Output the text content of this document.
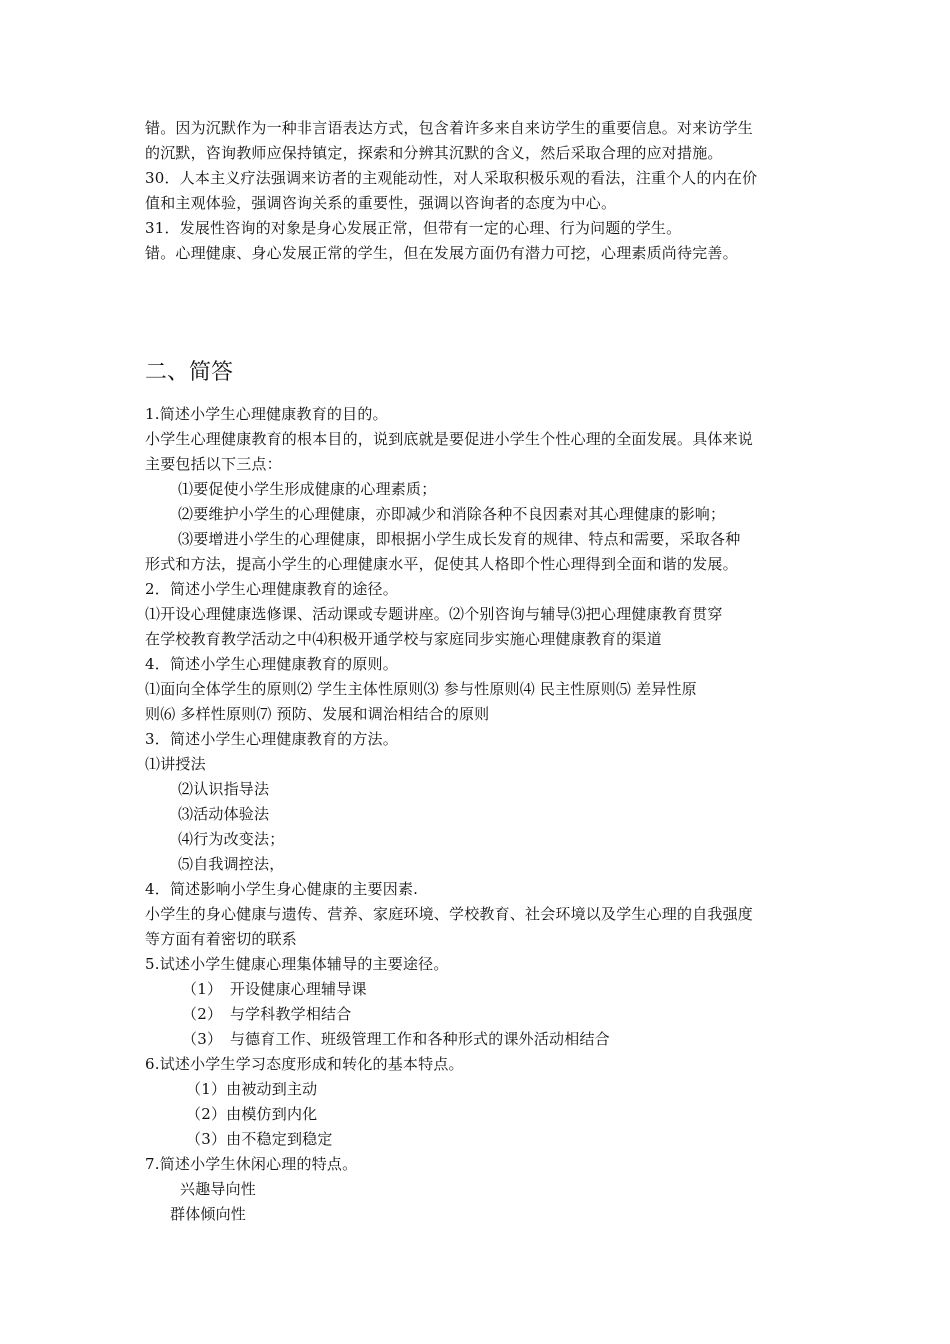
错。因为沉默作为一种非言语表达方式，包含着许多来自来访学生的重要信息。对来访学生
的沉默，咨询教师应保持镇定，探索和分辨其沉默的含义，然后采取合理的应对措施。
30．人本主义疗法强调来访者的主观能动性，对人采取积极乐观的看法，注重个人的内在价
值和主观体验，强调咨询关系的重要性，强调以咨询者的态度为中心。
31．发展性咨询的对象是身心发展正常，但带有一定的心理、行为问题的学生。
错。心理健康、身心发展正常的学生，但在发展方面仍有潜力可挖，心理素质尚待完善。
二、简答
1.简述小学生心理健康教育的目的。
小学生心理健康教育的根本目的，说到底就是要促进小学生个性心理的全面发展。具体来说
主要包括以下三点：
⑴要促使小学生形成健康的心理素质；
⑵要维护小学生的心理健康，亦即减少和消除各种不良因素对其心理健康的影响；
⑶要增进小学生的心理健康，即根据小学生成长发育的规律、特点和需要，采取各种
形式和方法，提高小学生的心理健康水平，促使其人格即个性心理得到全面和谐的发展。
2．简述小学生心理健康教育的途径。
⑴开设心理健康选修课、活动课或专题讲座。⑵个别咨询与辅导⑶把心理健康教育贯穿
在学校教育教学活动之中⑷积极开通学校与家庭同步实施心理健康教育的渠道
4．简述小学生心理健康教育的原则。
⑴面向全体学生的原则⑵ 学生主体性原则⑶ 参与性原则⑷ 民主性原则⑸ 差异性原
则⑹ 多样性原则⑺ 预防、发展和调治相结合的原则
3．简述小学生心理健康教育的方法。
⑴讲授法
⑵认识指导法
⑶活动体验法
⑷行为改变法；
⑸自我调控法，
4．简述影响小学生身心健康的主要因素.
小学生的身心健康与遗传、营养、家庭环境、学校教育、社会环境以及学生心理的自我强度
等方面有着密切的联系
5.试述小学生健康心理集体辅导的主要途径。
（1）　开设健康心理辅导课
（2）　与学科教学相结合
（3）　与德育工作、班级管理工作和各种形式的课外活动相结合
6.试述小学生学习态度形成和转化的基本特点。
（1）由被动到主动
（2）由模仿到内化
（3）由不稳定到稳定
7.简述小学生休闲心理的特点。
兴趣导向性
群体倾向性
